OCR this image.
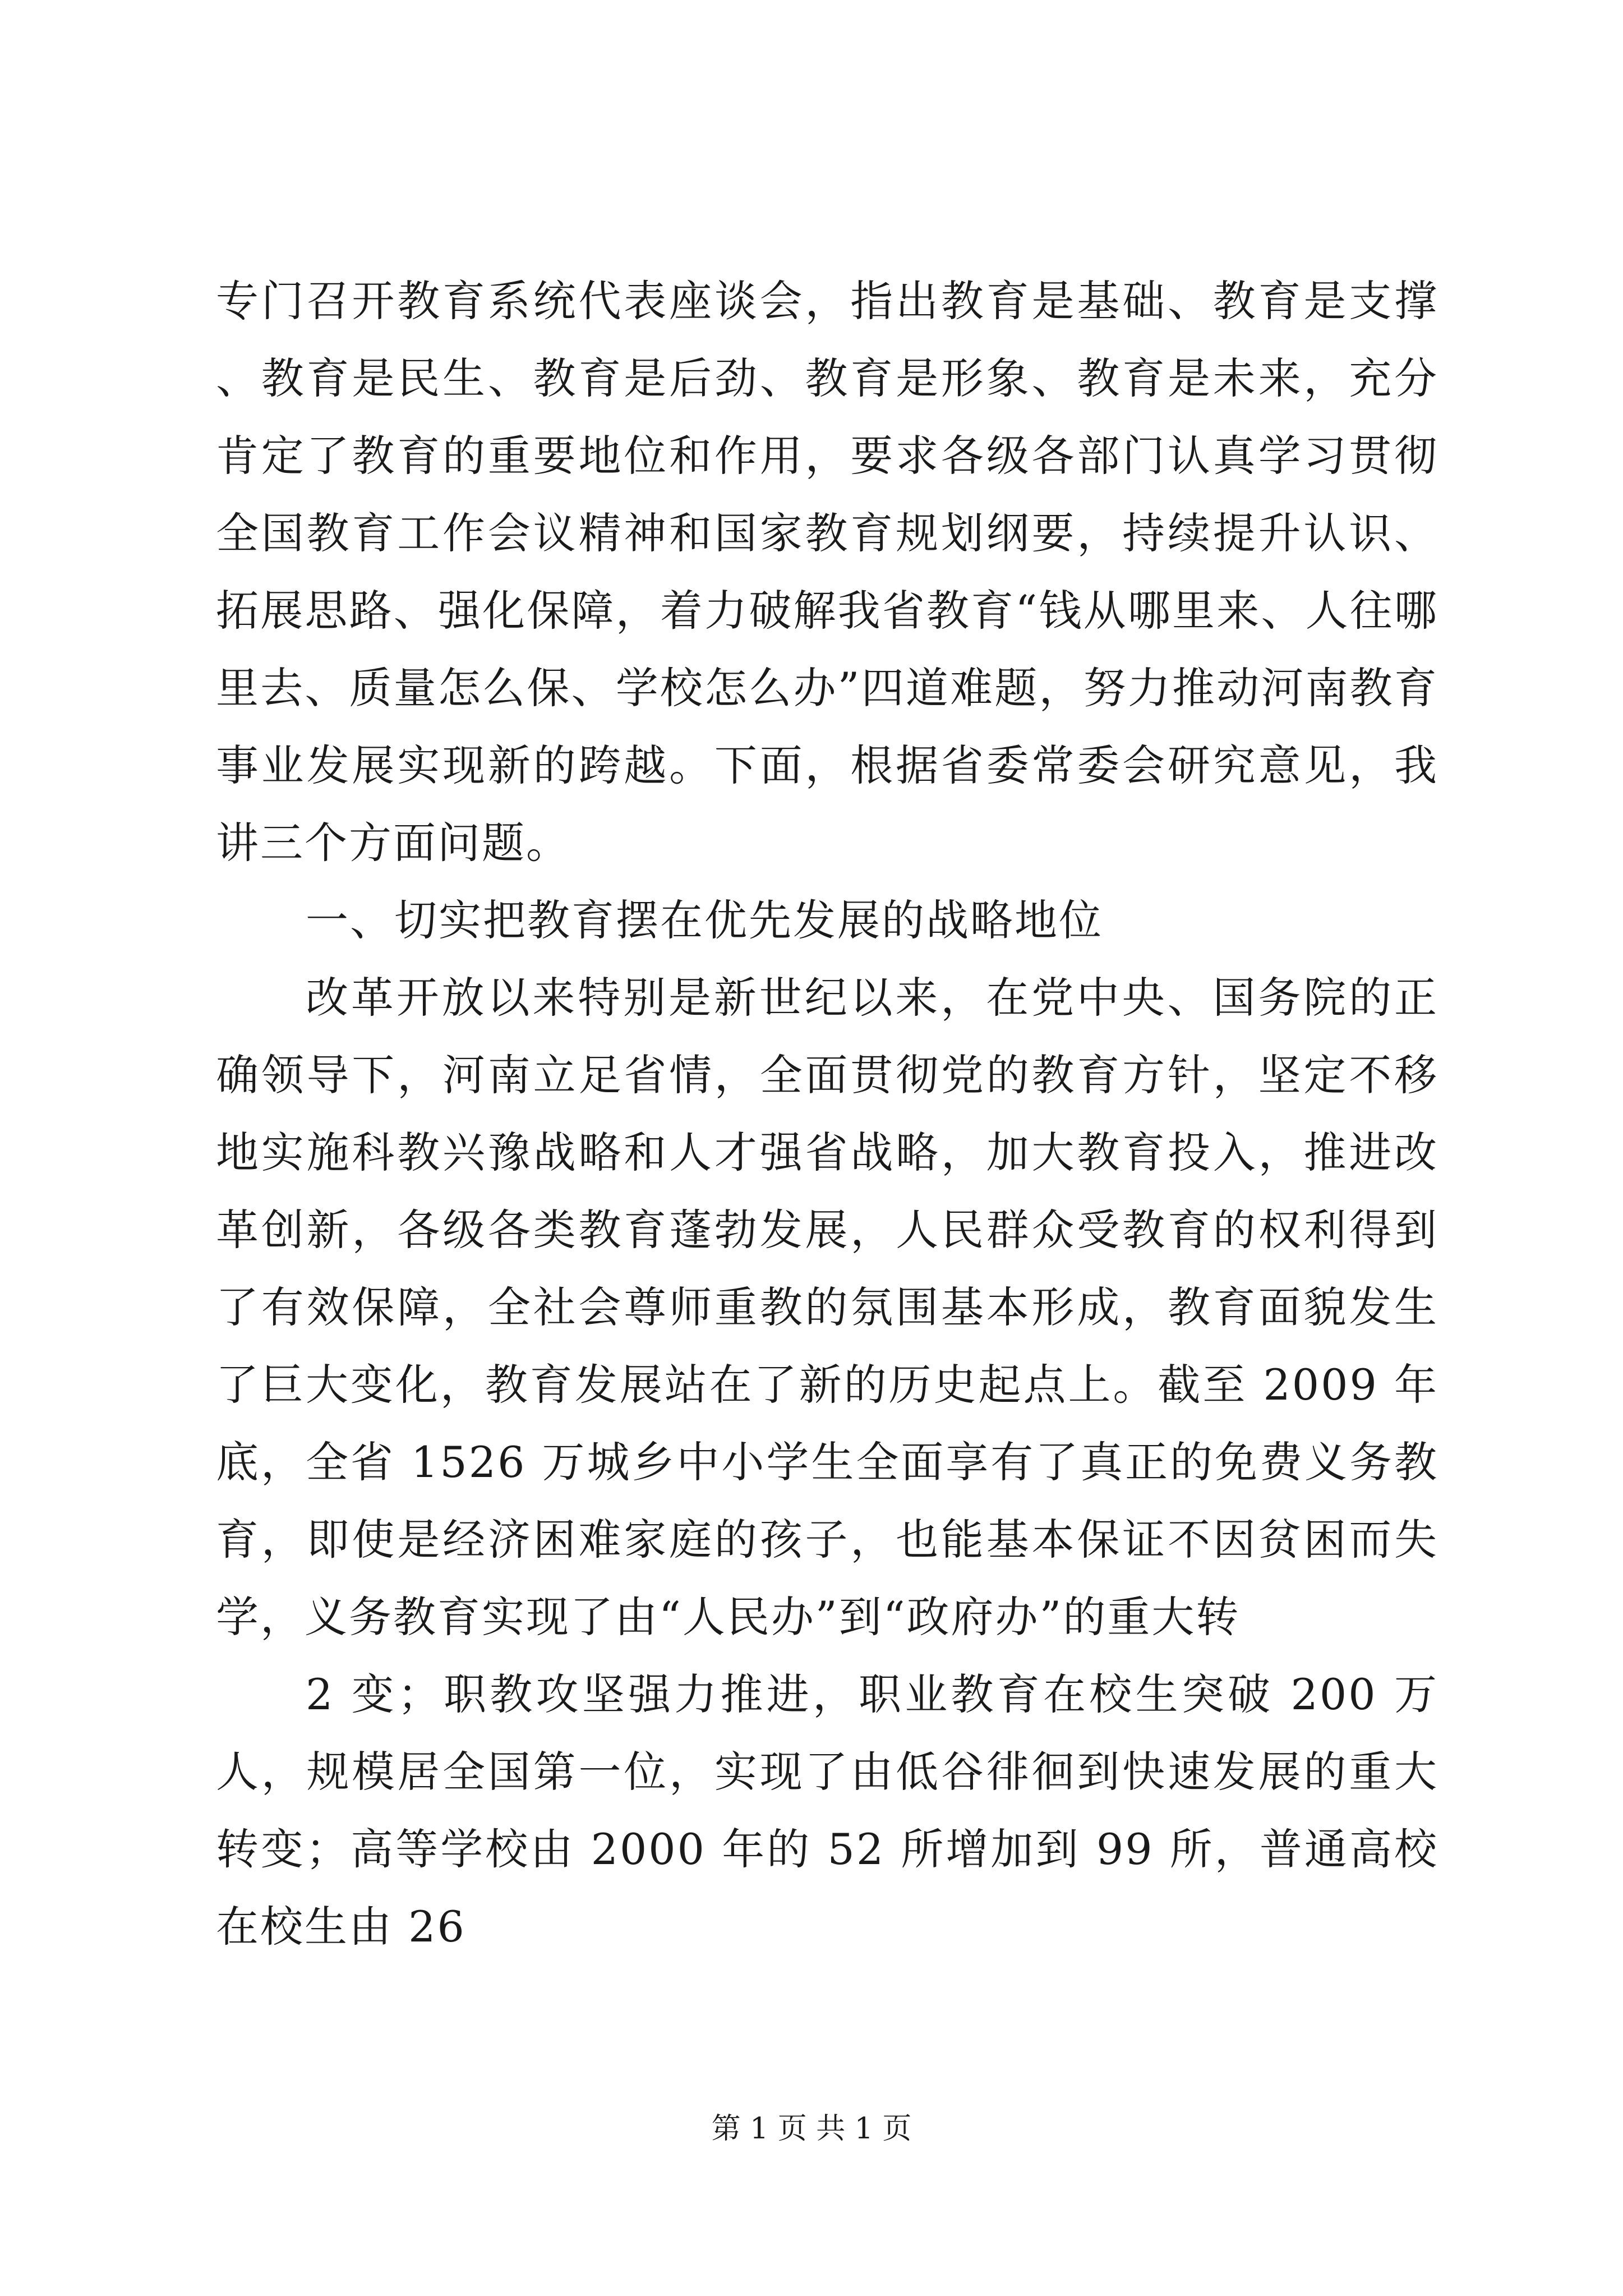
专门召开教育系统代表座谈会，指出教育是基础、教育是支撑、教育是民生、教育是后劲、教育是形象、教育是未来，充分肯定了教育的重要地位和作用，要求各级各部门认真学习贯彻全国教育工作会议精神和国家教育规划纲要，持续提升认识、拓展思路、强化保障，着力破解我省教育“钱从哪里来、人往哪里去、质量怎么保、学校怎么办”四道难题，努力推动河南教育事业发展实现新的跨越。下面，根据省委常委会研究意见，我讲三个方面问题。

一、切实把教育摆在优先发展的战略地位

改革开放以来特别是新世纪以来，在党中央、国务院的正确领导下，河南立足省情，全面贯彻党的教育方针，坚定不移地实施科教兴豫战略和人才强省战略，加大教育投入，推进改革创新，各级各类教育蓬勃发展，人民群众受教育的权利得到了有效保障，全社会尊师重教的氛围基本形成，教育面貌发生了巨大变化，教育发展站在了新的历史起点上。截至 2009 年底，全省 1526 万城乡中小学生全面享有了真正的免费义务教育，即使是经济困难家庭的孩子，也能基本保证不因贫困而失学，义务教育实现了由“人民办”到“政府办”的重大转

2 变；职教攻坚强力推进，职业教育在校生突破 200 万人，规模居全国第一位，实现了由低谷徘徊到快速发展的重大转变；高等学校由 2000 年的 52 所增加到 99 所，普通高校在校生由 26

第 1 页 共 1 页
